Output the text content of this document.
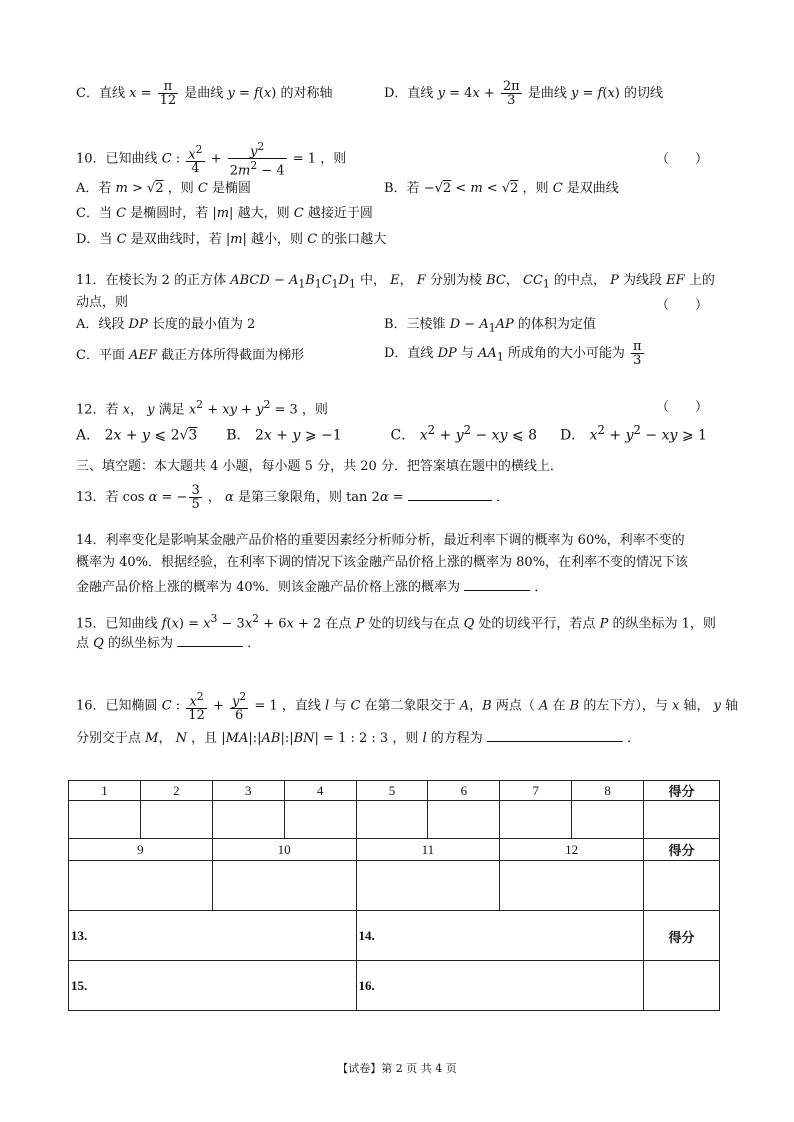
C．直线 $x = \frac{\pi}{12}$ 是曲线 y = f(x) 的对称轴	D．直线 $y = 4x + \frac{2\pi}{3}$ 是曲线 y = f(x) 的切线
10．已知曲线 C : $\frac{x^2}{4} + \frac{y^2}{2m^2 - 4} = 1$ ，则	（　　）
A．若 m > √2 ，则 C 是椭圆	B．若 −√2 < m < √2 ，则 C 是双曲线
C．当 C 是椭圆时，若 |m| 越大，则 C 越接近于圆
D．当 C 是双曲线时，若 |m| 越小，则 C 的张口越大
11．在棱长为 2 的正方体 ABCD − $A_1B_1C_1D_1$ 中， E， F 分别为棱 BC， $CC_1$ 的中点， P 为线段 EF 上的
动点，则	（　　）
A．线段 DP 长度的最小值为 2	B．三棱锥 $D - A_1AP$ 的体积为定值
C．平面 AEF 截正方体所得截面为梯形	D．直线 DP 与 $AA_1$ 所成角的大小可能为 $\frac{\pi}{3}$
12．若 x， y 满足 $x^2$ + xy + $y^2 = 3$ ，则	（　　）
A． 2x + y ⩽ 2√3 B． 2x + y ⩾ −1	C． $x^2 + y^2$ − xy ⩽ 8  D． $x^2 + y^2$ − xy ⩾ 1
三、填空题：本大题共 4 小题，每小题 5 分，共 20 分．把答案填在题中的横线上．
13．若 cos α = − $\frac{3}{5}$ ， α 是第三象限角，则 tan 2α =	．
14．利率变化是影响某金融产品价格的重要因素经分析师分析，最近利率下调的概率为 60%，利率不变的
概率为 40%．根据经验，在利率下调的情况下该金融产品价格上涨的概率为 80%，在利率不变的情况下该
金融产品价格上涨的概率为 40%．则该金融产品价格上涨的概率为	．
15．已知曲线 $f(x) = x^3 - 3x^2 + 6x + 2$ 在点 P 处的切线与在点 Q 处的切线平行，若点 P 的纵坐标为 1，则
点 Q 的纵坐标为	．
16．已知椭圆 C : $\frac{x^2}{12} + \frac{y^2}{6} = 1$ ，直线 l 与 C 在第二象限交于 A，B 两点（ A 在 B 的左下方），与 x 轴， y 轴
分别交于点 M， N ，且 |MA|:|AB|:|BN| = 1 : 2 : 3 ，则 l 的方程为	．
1	2	3	4	5	6	7	8	得分

9		10		11		12		得分

13.				14.				得分
15.				16.				
【试卷】第 2 页 共 4 页
